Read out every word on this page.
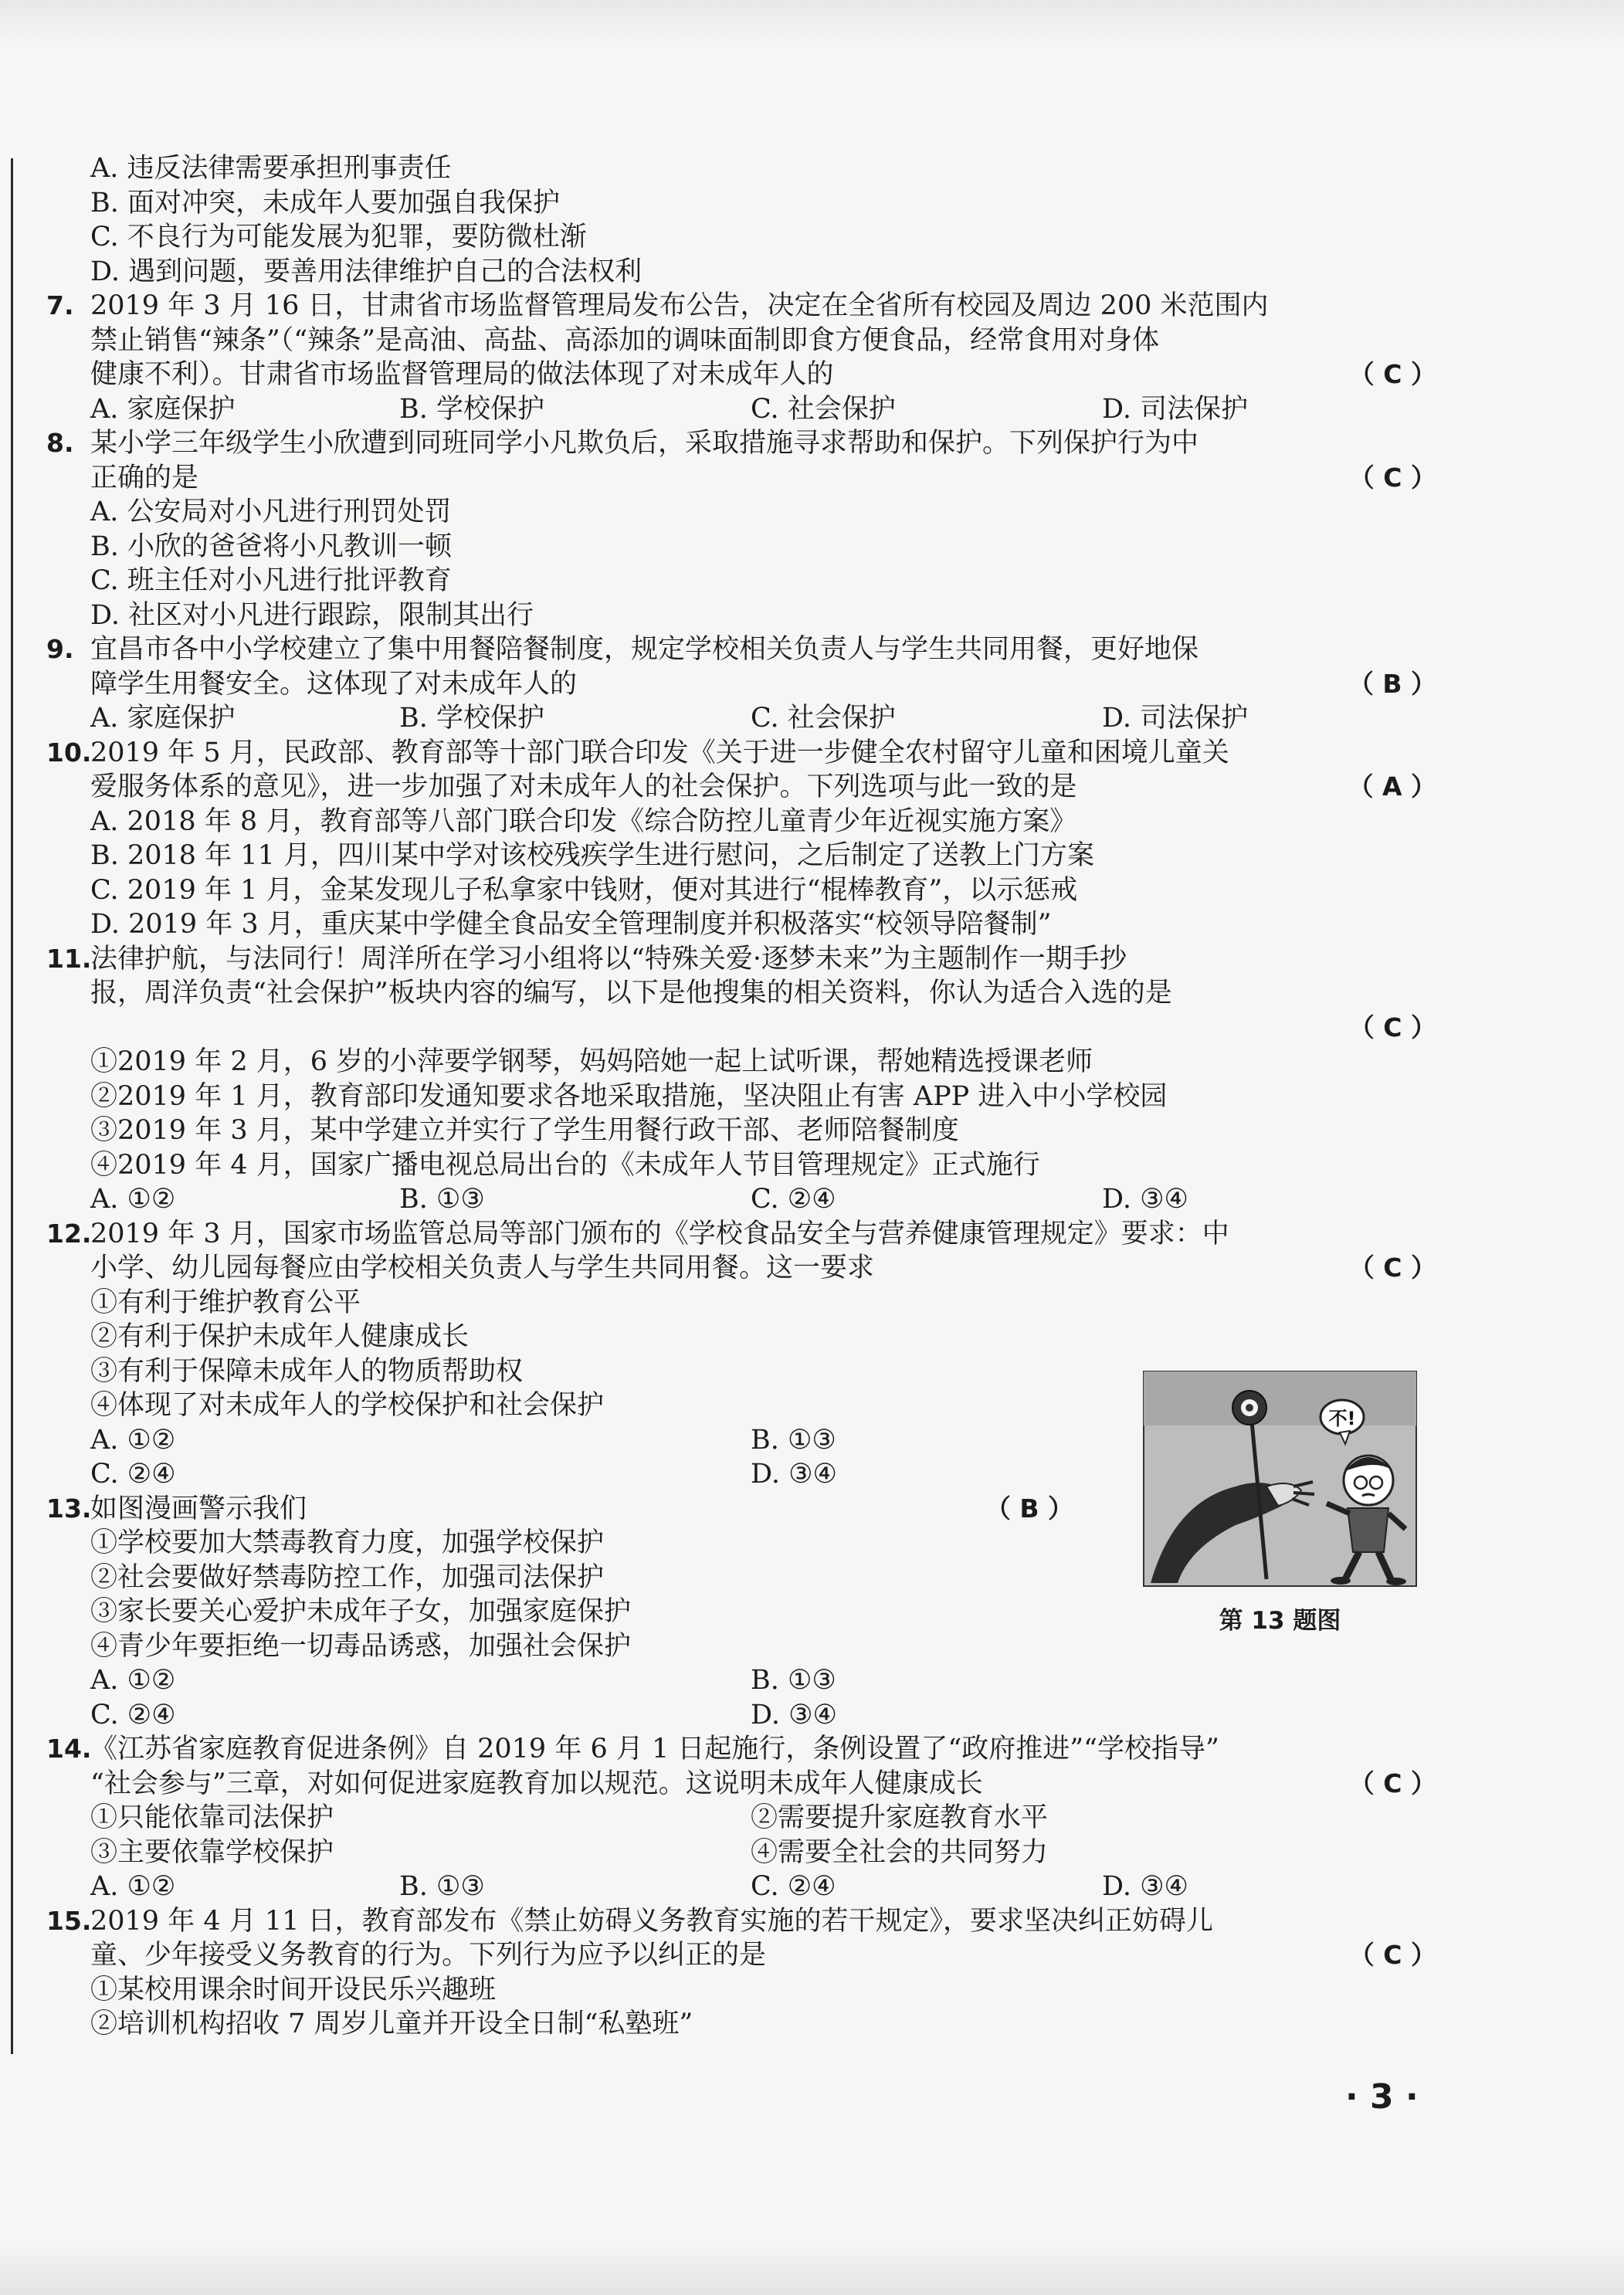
A. 违反法律需要承担刑事责任
B. 面对冲突，未成年人要加强自我保护
C. 不良行为可能发展为犯罪，要防微杜渐
D. 遇到问题，要善用法律维护自己的合法权利
7. 2019 年 3 月 16 日，甘肃省市场监督管理局发布公告，决定在全省所有校园及周边 200 米范围内
禁止销售“辣条”（“辣条”是高油、高盐、高添加的调味面制即食方便食品，经常食用对身体
健康不利）。甘肃省市场监督管理局的做法体现了对未成年人的	（ C ）
A. 家庭保护	B. 学校保护	C. 社会保护	D. 司法保护
8. 某小学三年级学生小欣遭到同班同学小凡欺负后，采取措施寻求帮助和保护。下列保护行为中
正确的是	（ C ）
A. 公安局对小凡进行刑罚处罚
B. 小欣的爸爸将小凡教训一顿
C. 班主任对小凡进行批评教育
D. 社区对小凡进行跟踪，限制其出行
9. 宜昌市各中小学校建立了集中用餐陪餐制度，规定学校相关负责人与学生共同用餐，更好地保
障学生用餐安全。这体现了对未成年人的	（ B ）
A. 家庭保护	B. 学校保护	C. 社会保护	D. 司法保护
10.2019 年 5 月，民政部、教育部等十部门联合印发《关于进一步健全农村留守儿童和困境儿童关
爱服务体系的意见》，进一步加强了对未成年人的社会保护。下列选项与此一致的是	（ A ）
A. 2018 年 8 月，教育部等八部门联合印发《综合防控儿童青少年近视实施方案》
B. 2018 年 11 月，四川某中学对该校残疾学生进行慰问，之后制定了送教上门方案
C. 2019 年 1 月，金某发现儿子私拿家中钱财，便对其进行“棍棒教育”，以示惩戒
D. 2019 年 3 月，重庆某中学健全食品安全管理制度并积极落实“校领导陪餐制”
11.法律护航，与法同行！周洋所在学习小组将以“特殊关爱·逐梦未来”为主题制作一期手抄
报，周洋负责“社会保护”板块内容的编写，以下是他搜集的相关资料，你认为适合入选的是
（ C ）
①2019 年 2 月，6 岁的小萍要学钢琴，妈妈陪她一起上试听课，帮她精选授课老师
②2019 年 1 月，教育部印发通知要求各地采取措施，坚决阻止有害 APP 进入中小学校园
③2019 年 3 月，某中学建立并实行了学生用餐行政干部、老师陪餐制度
④2019 年 4 月，国家广播电视总局出台的《未成年人节目管理规定》正式施行
A. ①②	B. ①③	C. ②④	D. ③④
12.2019 年 3 月，国家市场监管总局等部门颁布的《学校食品安全与营养健康管理规定》要求：中
小学、幼儿园每餐应由学校相关负责人与学生共同用餐。这一要求	（ C ）
①有利于维护教育公平
②有利于保护未成年人健康成长
③有利于保障未成年人的物质帮助权
④体现了对未成年人的学校保护和社会保护
A. ①②	B. ①③
C. ②④	D. ③④
13.如图漫画警示我们	（ B ）
①学校要加大禁毒教育力度，加强学校保护
②社会要做好禁毒防控工作，加强司法保护
③家长要关心爱护未成年子女，加强家庭保护
④青少年要拒绝一切毒品诱惑，加强社会保护
A. ①②	B. ①③
C. ②④	D. ③④
14.《江苏省家庭教育促进条例》自 2019 年 6 月 1 日起施行，条例设置了“政府推进”“学校指导”
“社会参与”三章，对如何促进家庭教育加以规范。这说明未成年人健康成长	（ C ）
①只能依靠司法保护	②需要提升家庭教育水平
③主要依靠学校保护	④需要全社会的共同努力
A. ①②	B. ①③	C. ②④	D. ③④
15.2019 年 4 月 11 日，教育部发布《禁止妨碍义务教育实施的若干规定》，要求坚决纠正妨碍儿
童、少年接受义务教育的行为。下列行为应予以纠正的是	（ C ）
①某校用课余时间开设民乐兴趣班
②培训机构招收 7 周岁儿童并开设全日制“私塾班”
不!
第 13 题图
· 3 ·
